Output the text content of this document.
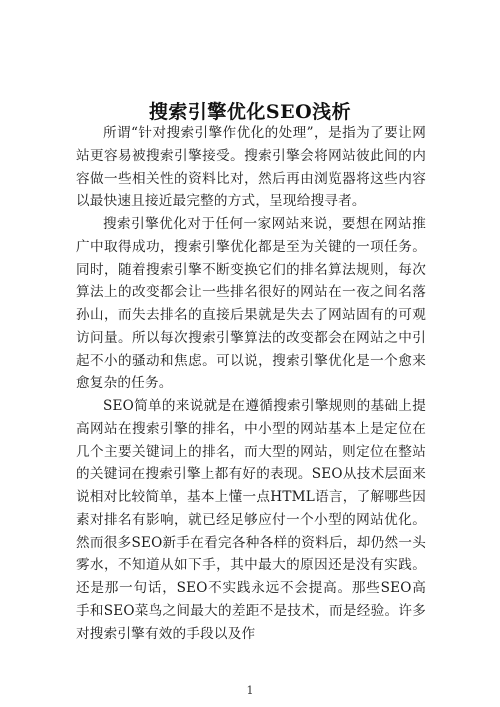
搜索引擎优化SEO浅析

所谓“针对搜索引擎作优化的处理”，是指为了要让网站更容易被搜索引擎接受。搜索引擎会将网站彼此间的内容做一些相关性的资料比对，然后再由浏览器将这些内容以最快速且接近最完整的方式，呈现给搜寻者。

搜索引擎优化对于任何一家网站来说，要想在网站推广中取得成功，搜索引擎优化都是至为关键的一项任务。同时，随着搜索引擎不断变换它们的排名算法规则，每次算法上的改变都会让一些排名很好的网站在一夜之间名落孙山，而失去排名的直接后果就是失去了网站固有的可观访问量。所以每次搜索引擎算法的改变都会在网站之中引起不小的骚动和焦虑。可以说，搜索引擎优化是一个愈来愈复杂的任务。

SEO简单的来说就是在遵循搜索引擎规则的基础上提高网站在搜索引擎的排名，中小型的网站基本上是定位在几个主要关键词上的排名，而大型的网站，则定位在整站的关键词在搜索引擎上都有好的表现。SEO从技术层面来说相对比较简单，基本上懂一点HTML语言，了解哪些因素对排名有影响，就已经足够应付一个小型的网站优化。然而很多SEO新手在看完各种各样的资料后，却仍然一头雾水，不知道从如下手，其中最大的原因还是没有实践。还是那一句话，SEO不实践永远不会提高。那些SEO高手和SEO菜鸟之间最大的差距不是技术，而是经验。许多对搜索引擎有效的手段以及作

1
